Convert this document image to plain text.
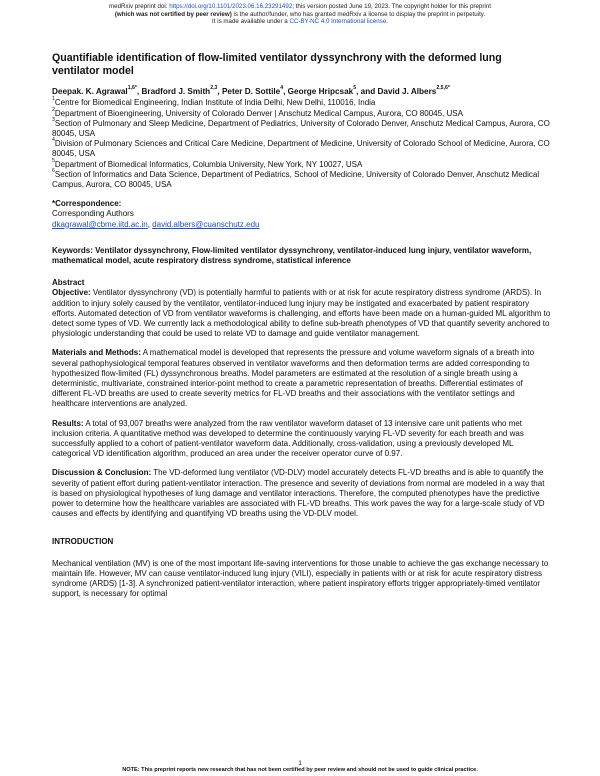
medRxiv preprint doi: https://doi.org/10.1101/2023.06.16.23291492; this version posted June 19, 2023. The copyright holder for this preprint
(which was not certified by peer review) is the author/funder, who has granted medRxiv a license to display the preprint in perpetuity.
It is made available under a CC-BY-NC 4.0 International license.
Quantifiable identification of flow-limited ventilator dyssynchrony with the deformed lung ventilator model
Deepak. K. Agrawal$^{1,6*}$, Bradford J. Smith$^{2,3}$, Peter D. Sottile$^4$, George Hripcsak$^5$, and David J. Albers$^{2,5,6*}$

$^1$Centre for Biomedical Engineering, Indian Institute of India Delhi, New Delhi, 110016, India

$^2$Department of Bioengineering, University of Colorado Denver | Anschutz Medical Campus, Aurora, CO 80045, USA

$^3$Section of Pulmonary and Sleep Medicine, Department of Pediatrics, University of Colorado Denver, Anschutz Medical Campus, Aurora, CO 80045, USA

$^4$Division of Pulmonary Sciences and Critical Care Medicine, Department of Medicine, University of Colorado School of Medicine, Aurora, CO 80045, USA

$^5$Department of Biomedical Informatics, Columbia University, New York, NY 10027, USA

$^6$Section of Informatics and Data Science, Department of Pediatrics, School of Medicine, University of Colorado Denver, Anschutz Medical Campus, Aurora, CO 80045, USA

*Correspondence:

Corresponding Authors

dkagrawal@cbme.iitd.ac.in, david.albers@cuanschutz.edu

Keywords: Ventilator dyssynchrony, Flow-limited ventilator dyssynchrony, ventilator-induced lung injury, ventilator waveform, mathematical model, acute respiratory distress syndrome, statistical inference

Abstract

Objective: Ventilator dyssynchrony (VD) is potentially harmful to patients with or at risk for acute respiratory distress syndrome (ARDS). In addition to injury solely caused by the ventilator, ventilator-induced lung injury may be instigated and exacerbated by patient respiratory efforts. Automated detection of VD from ventilator waveforms is challenging, and efforts have been made on a human-guided ML algorithm to detect some types of VD. We currently lack a methodological ability to define sub-breath phenotypes of VD that quantify severity anchored to physiologic understanding that could be used to relate VD to damage and guide ventilator management.

Materials and Methods: A mathematical model is developed that represents the pressure and volume waveform signals of a breath into several pathophysiological temporal features observed in ventilator waveforms and then deformation terms are added corresponding to hypothesized flow-limited (FL) dyssynchronous breaths. Model parameters are estimated at the resolution of a single breath using a deterministic, multivariate, constrained interior-point method to create a parametric representation of breaths. Differential estimates of different FL-VD breaths are used to create severity metrics for FL-VD breaths and their associations with the ventilator settings and healthcare interventions are analyzed.

Results: A total of 93,007 breaths were analyzed from the raw ventilator waveform dataset of 13 intensive care unit patients who met inclusion criteria. A quantitative method was developed to determine the continuously varying FL-VD severity for each breath and was successfully applied to a cohort of patient-ventilator waveform data. Additionally, cross-validation, using a previously developed ML categorical VD identification algorithm, produced an area under the receiver operator curve of 0.97.

Discussion & Conclusion: The VD-deformed lung ventilator (VD-DLV) model accurately detects FL-VD breaths and is able to quantify the severity of patient effort during patient-ventilator interaction. The presence and severity of deviations from normal are modeled in a way that is based on physiological hypotheses of lung damage and ventilator interactions. Therefore, the computed phenotypes have the predictive power to determine how the healthcare variables are associated with FL-VD breaths. This work paves the way for a large-scale study of VD causes and effects by identifying and quantifying VD breaths using the VD-DLV model.

INTRODUCTION

Mechanical ventilation (MV) is one of the most important life-saving interventions for those unable to achieve the gas exchange necessary to maintain life. However, MV can cause ventilator-induced lung injury (VILI), especially in patients with or at risk for acute respiratory distress syndrome (ARDS) [1-3]. A synchronized patient-ventilator interaction, where patient inspiratory efforts trigger appropriately-timed ventilator support, is necessary for optimal

1
NOTE: This preprint reports new research that has not been certified by peer review and should not be used to guide clinical practice.
